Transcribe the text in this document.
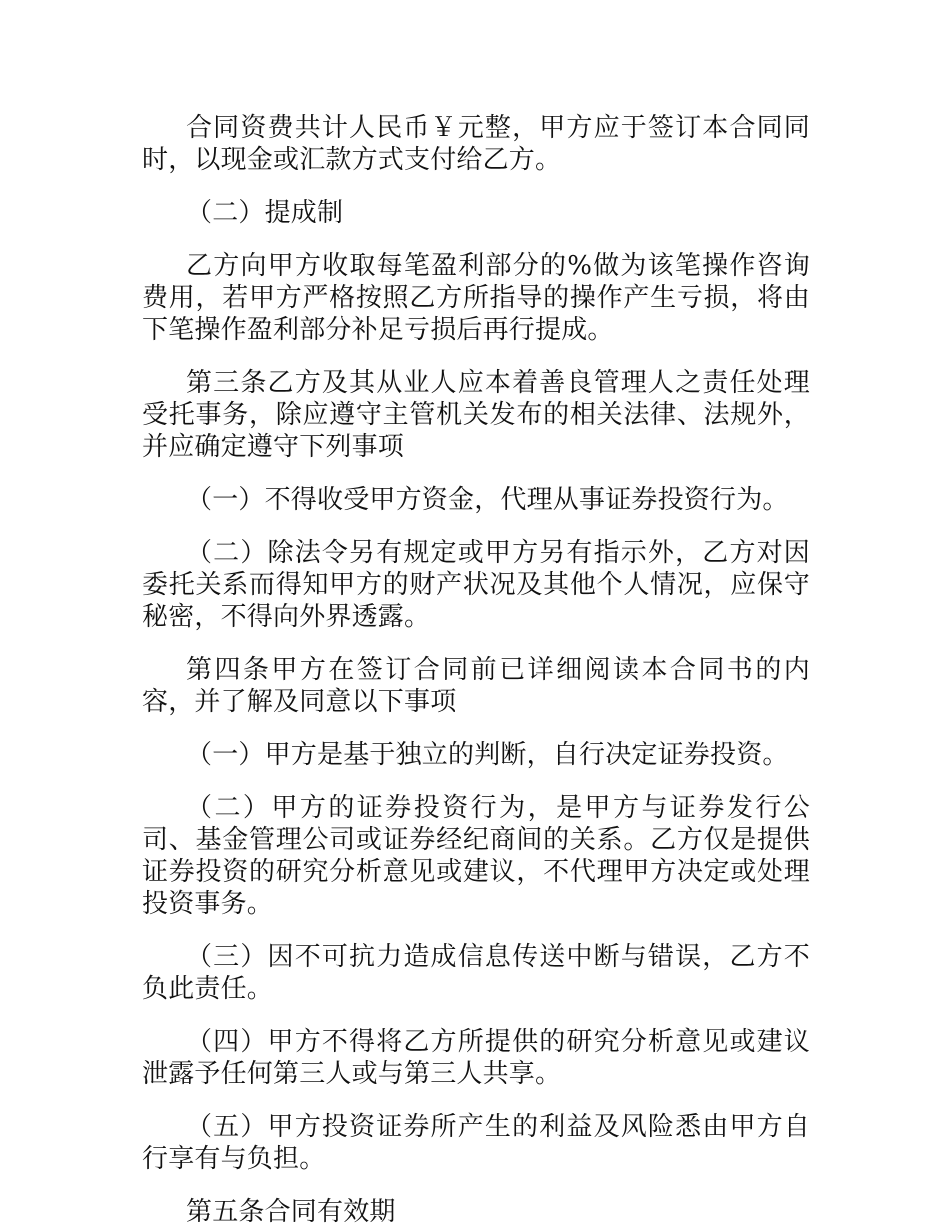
合同资费共计人民币￥元整，甲方应于签订本合同同时，以现金或汇款方式支付给乙方。

（二）提成制

乙方向甲方收取每笔盈利部分的%做为该笔操作咨询费用，若甲方严格按照乙方所指导的操作产生亏损，将由下笔操作盈利部分补足亏损后再行提成。

第三条乙方及其从业人应本着善良管理人之责任处理受托事务，除应遵守主管机关发布的相关法律、法规外，并应确定遵守下列事项

（一）不得收受甲方资金，代理从事证券投资行为。

（二）除法令另有规定或甲方另有指示外，乙方对因委托关系而得知甲方的财产状况及其他个人情况，应保守秘密，不得向外界透露。

第四条甲方在签订合同前已详细阅读本合同书的内容，并了解及同意以下事项

（一）甲方是基于独立的判断，自行决定证券投资。

（二）甲方的证券投资行为，是甲方与证券发行公司、基金管理公司或证券经纪商间的关系。乙方仅是提供证券投资的研究分析意见或建议，不代理甲方决定或处理投资事务。

（三）因不可抗力造成信息传送中断与错误，乙方不负此责任。

（四）甲方不得将乙方所提供的研究分析意见或建议泄露予任何第三人或与第三人共享。

（五）甲方投资证券所产生的利益及风险悉由甲方自行享有与负担。

第五条合同有效期
